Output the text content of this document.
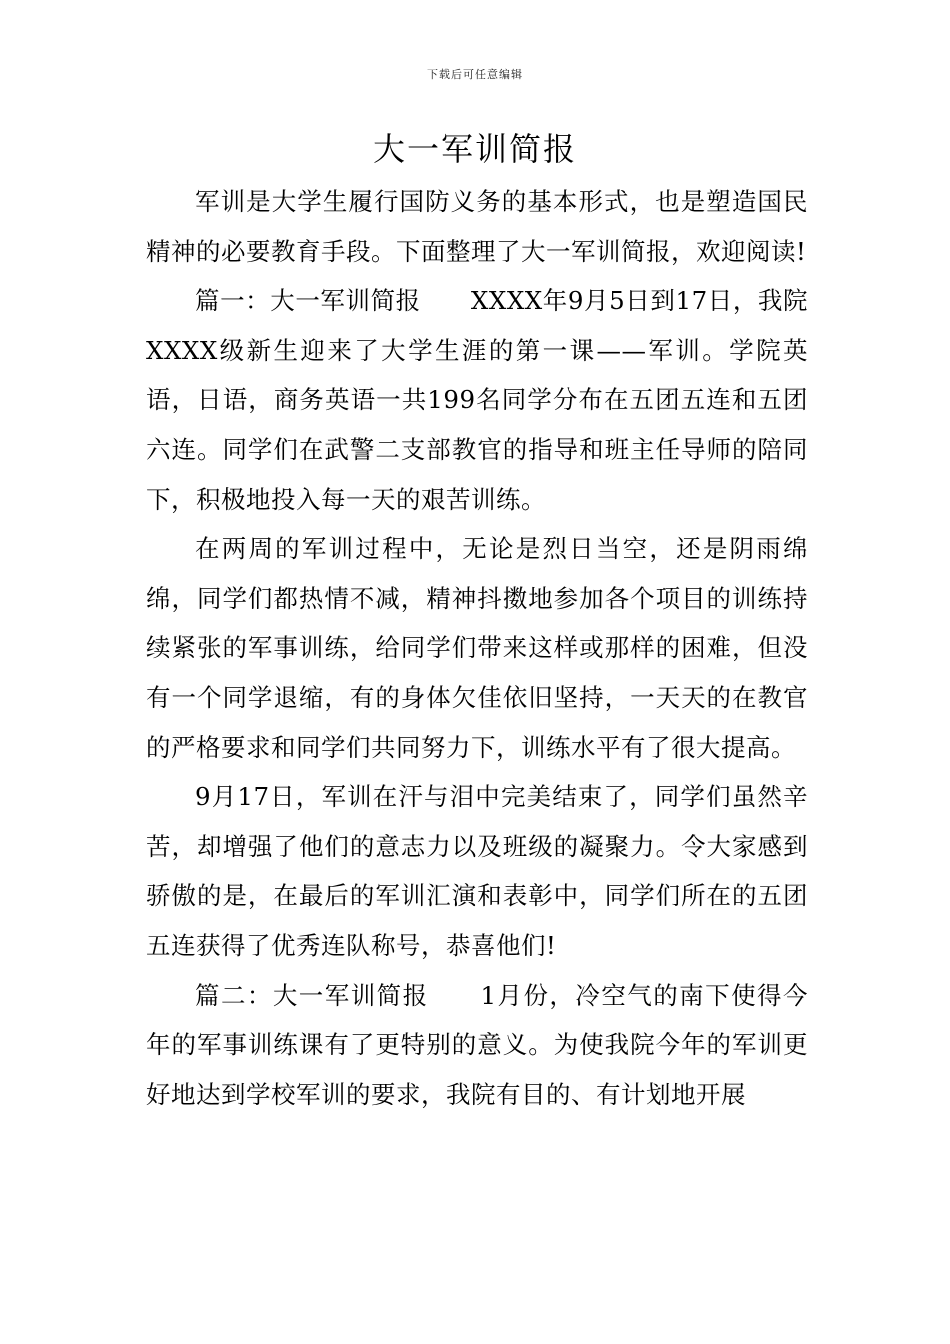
下载后可任意编辑
大一军训简报

军训是大学生履行国防义务的基本形式，也是塑造国民精神的必要教育手段。下面整理了大一军训简报，欢迎阅读!

篇一：大一军训简报　　XXXX年9月5日到17日，我院XXXX级新生迎来了大学生涯的第一课——军训。学院英语，日语，商务英语一共199名同学分布在五团五连和五团六连。同学们在武警二支部教官的指导和班主任导师的陪同下，积极地投入每一天的艰苦训练。

在两周的军训过程中，无论是烈日当空，还是阴雨绵绵，同学们都热情不减，精神抖擞地参加各个项目的训练持续紧张的军事训练，给同学们带来这样或那样的困难，但没有一个同学退缩，有的身体欠佳依旧坚持，一天天的在教官的严格要求和同学们共同努力下，训练水平有了很大提高。

9月17日，军训在汗与泪中完美结束了，同学们虽然辛苦，却增强了他们的意志力以及班级的凝聚力。令大家感到骄傲的是，在最后的军训汇演和表彰中，同学们所在的五团五连获得了优秀连队称号，恭喜他们!

篇二：大一军训简报　　1月份，冷空气的南下使得今年的军事训练课有了更特别的意义。为使我院今年的军训更好地达到学校军训的要求，我院有目的、有计划地开展
